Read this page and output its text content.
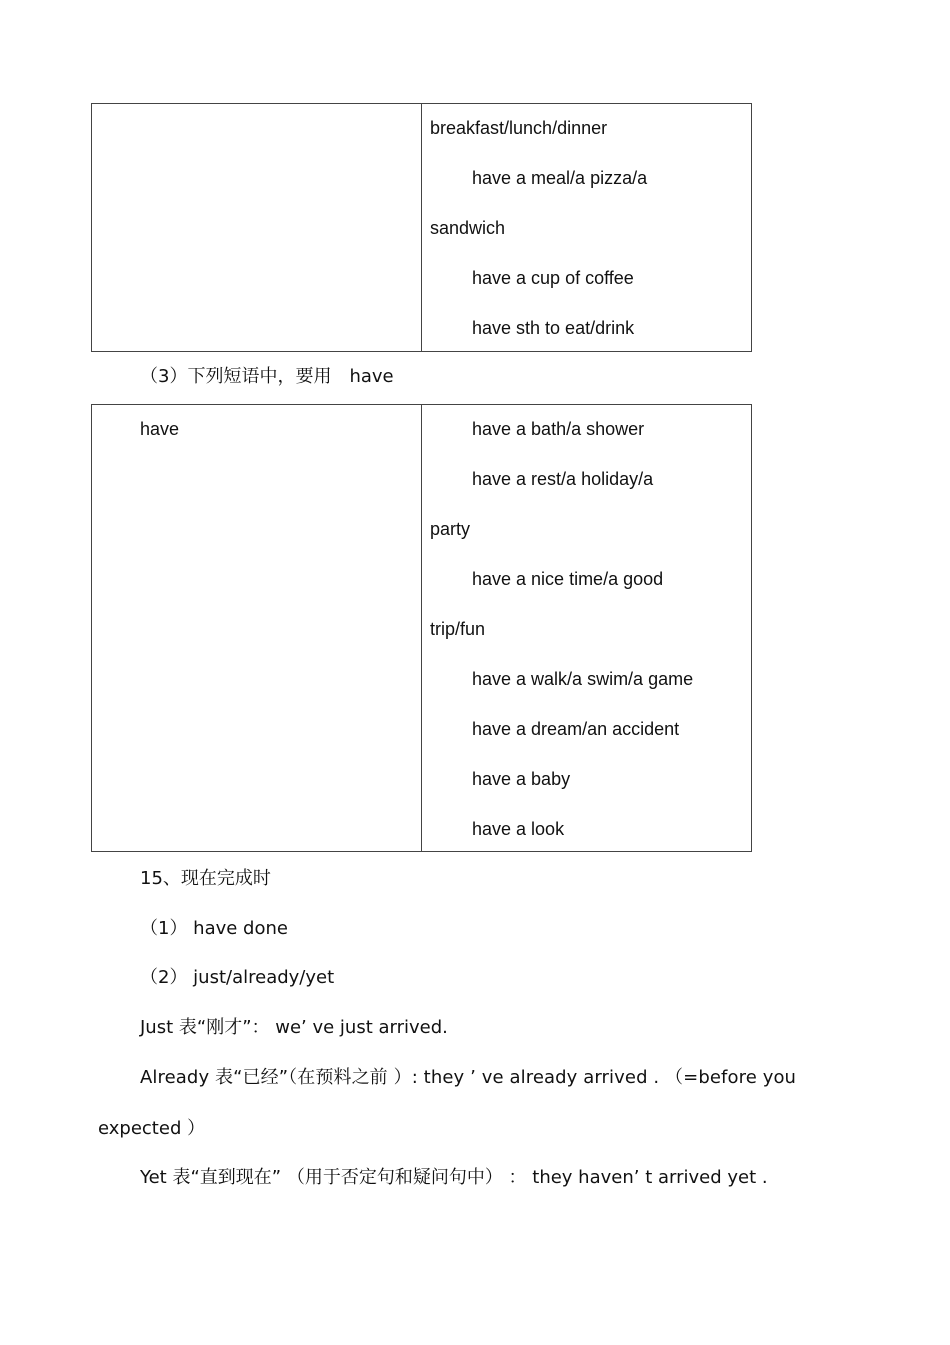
breakfast/lunch/dinner
have a meal/a pizza/a
sandwich
have a cup of coffee
have sth to eat/drink
（3）下列短语中，要用　have
have	have a bath/a shower
have a rest/a holiday/a
party
have a nice time/a good
trip/fun
have a walk/a swim/a game
have a dream/an accident
have a baby
have a look
15、现在完成时
（1） have done
（2） just/already/yet
Just 表“刚才”： we’ ve just arrived.
Already 表“已经”（在预料之前 ）: they ’ ve already arrived . （=before you
expected ）
Yet 表“直到现在” （用于否定句和疑问句中） ： they haven’ t arrived yet .
